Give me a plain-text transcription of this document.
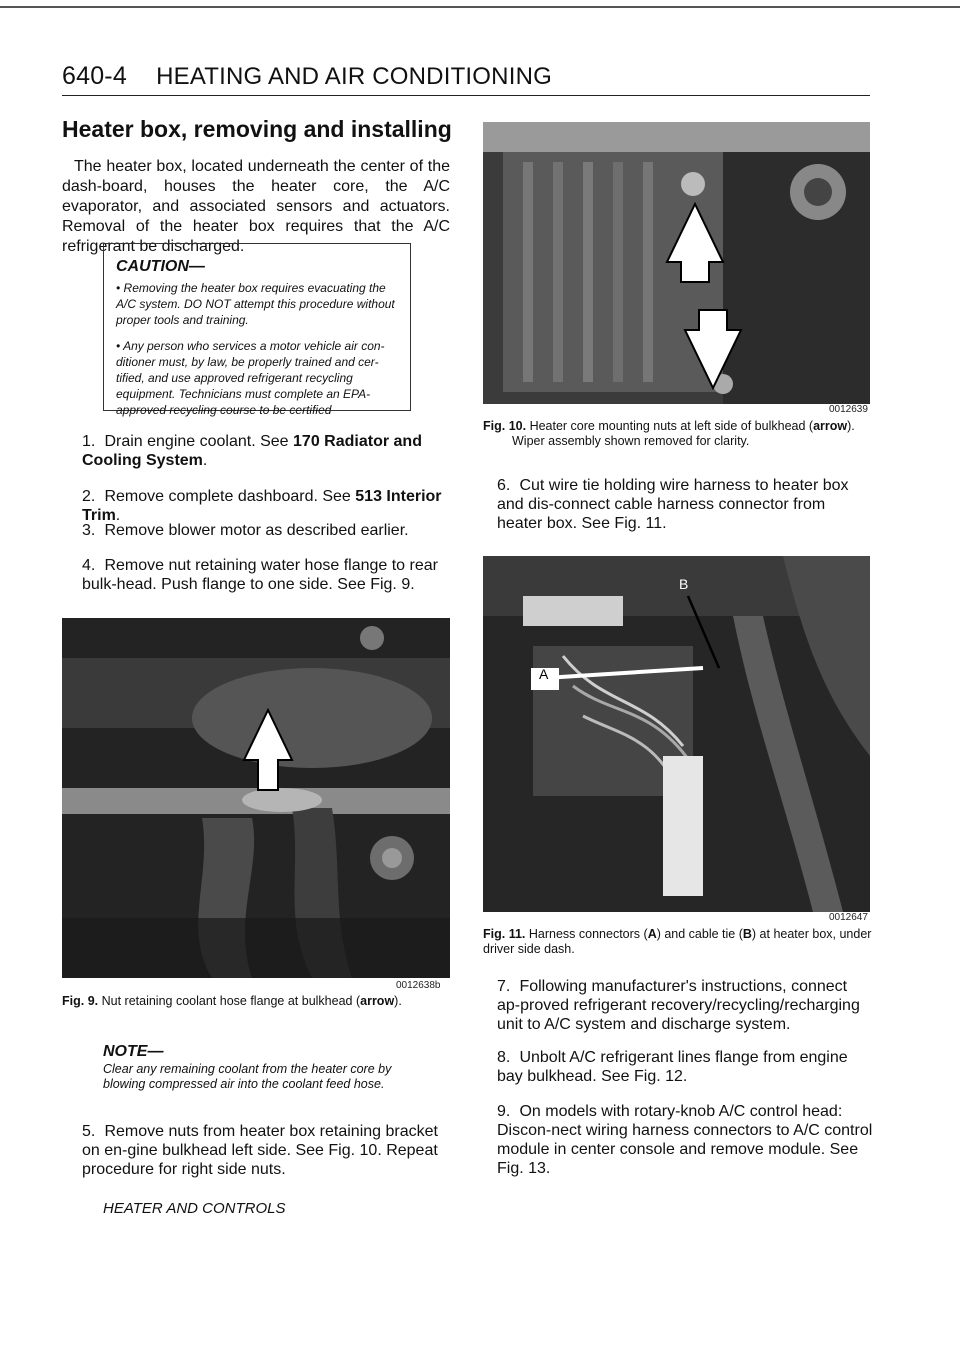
640-4 HEATING AND AIR CONDITIONING
Heater box, removing and installing
The heater box, located underneath the center of the dash-board, houses the heater core, the A/C evaporator, and associated sensors and actuators. Removal of the heater box requires that the A/C refrigerant be discharged.
CAUTION—

• Removing the heater box requires evacuating the A/C system. DO NOT attempt this procedure without proper tools and training.

• Any person who services a motor vehicle air con-ditioner must, by law, be properly trained and cer-tified, and use approved refrigerant recycling equipment. Technicians must complete an EPA-approved recycling course to be certified

1. Drain engine coolant. See 170 Radiator and Cooling System.
2. Remove complete dashboard. See 513 Interior Trim.
3. Remove blower motor as described earlier.
4. Remove nut retaining water hose flange to rear bulk-head. Push flange to one side. See Fig. 9.
0012638b
Fig. 9. Nut retaining coolant hose flange at bulkhead (arrow).
NOTE—
Clear any remaining coolant from the heater core by blowing compressed air into the coolant feed hose.
5. Remove nuts from heater box retaining bracket on en-gine bulkhead left side. See Fig. 10. Repeat procedure for right side nuts.
HEATER AND CONTROLS
0012639
Fig. 10. Heater core mounting nuts at left side of bulkhead (arrow).
Wiper assembly shown removed for clarity.
6. Cut wire tie holding wire harness to heater box and dis-connect cable harness connector from heater box. See Fig. 11.
A
B
0012647
Fig. 11. Harness connectors (A) and cable tie (B) at heater box, under driver side dash.
7. Following manufacturer's instructions, connect ap-proved refrigerant recovery/recycling/recharging unit to A/C system and discharge system.
8. Unbolt A/C refrigerant lines flange from engine bay bulkhead. See Fig. 12.
9. On models with rotary-knob A/C control head: Discon-nect wiring harness connectors to A/C control module in center console and remove module. See Fig. 13.
